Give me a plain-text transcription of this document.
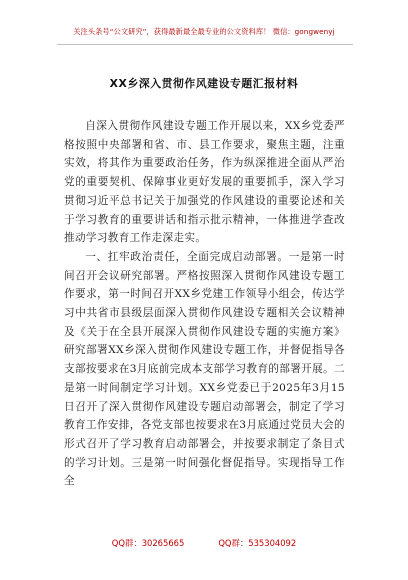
关注头条号“公文研究”，获得最新最全最专业的公文资料库！ 微信：gongwenyj
XX乡深入贯彻作风建设专题汇报材料

自深入贯彻作风建设专题工作开展以来，XX乡党委严格按照中央部署和省、市、县工作要求，聚焦主题，注重实效，将其作为重要政治任务，作为纵深推进全面从严治党的重要契机、保障事业更好发展的重要抓手，深入学习贯彻习近平总书记关于加强党的作风建设的重要论述和关于学习教育的重要讲话和指示批示精神，一体推进学查改推动学习教育工作走深走实。

一、扛牢政治责任，全面完成启动部署。一是第一时间召开会议研究部署。严格按照深入贯彻作风建设专题工作要求，第一时间召开XX乡党建工作领导小组会，传达学习中共省市县级层面深入贯彻作风建设专题相关会议精神及《关于在全县开展深入贯彻作风建设专题的实施方案》研究部署XX乡深入贯彻作风建设专题工作，并督促指导各支部按要求在3月底前完成本支部学习教育的部署开展。二是第一时间制定学习计划。XX乡党委已于2025年3月15日召开了深入贯彻作风建设专题启动部署会，制定了学习教育工作安排，各党支部也按要求在3月底通过党员大会的形式召开了学习教育启动部署会，并按要求制定了条目式的学习计划。三是第一时间强化督促指导。实现指导工作全

QQ群：30265665	QQ群：535304092
